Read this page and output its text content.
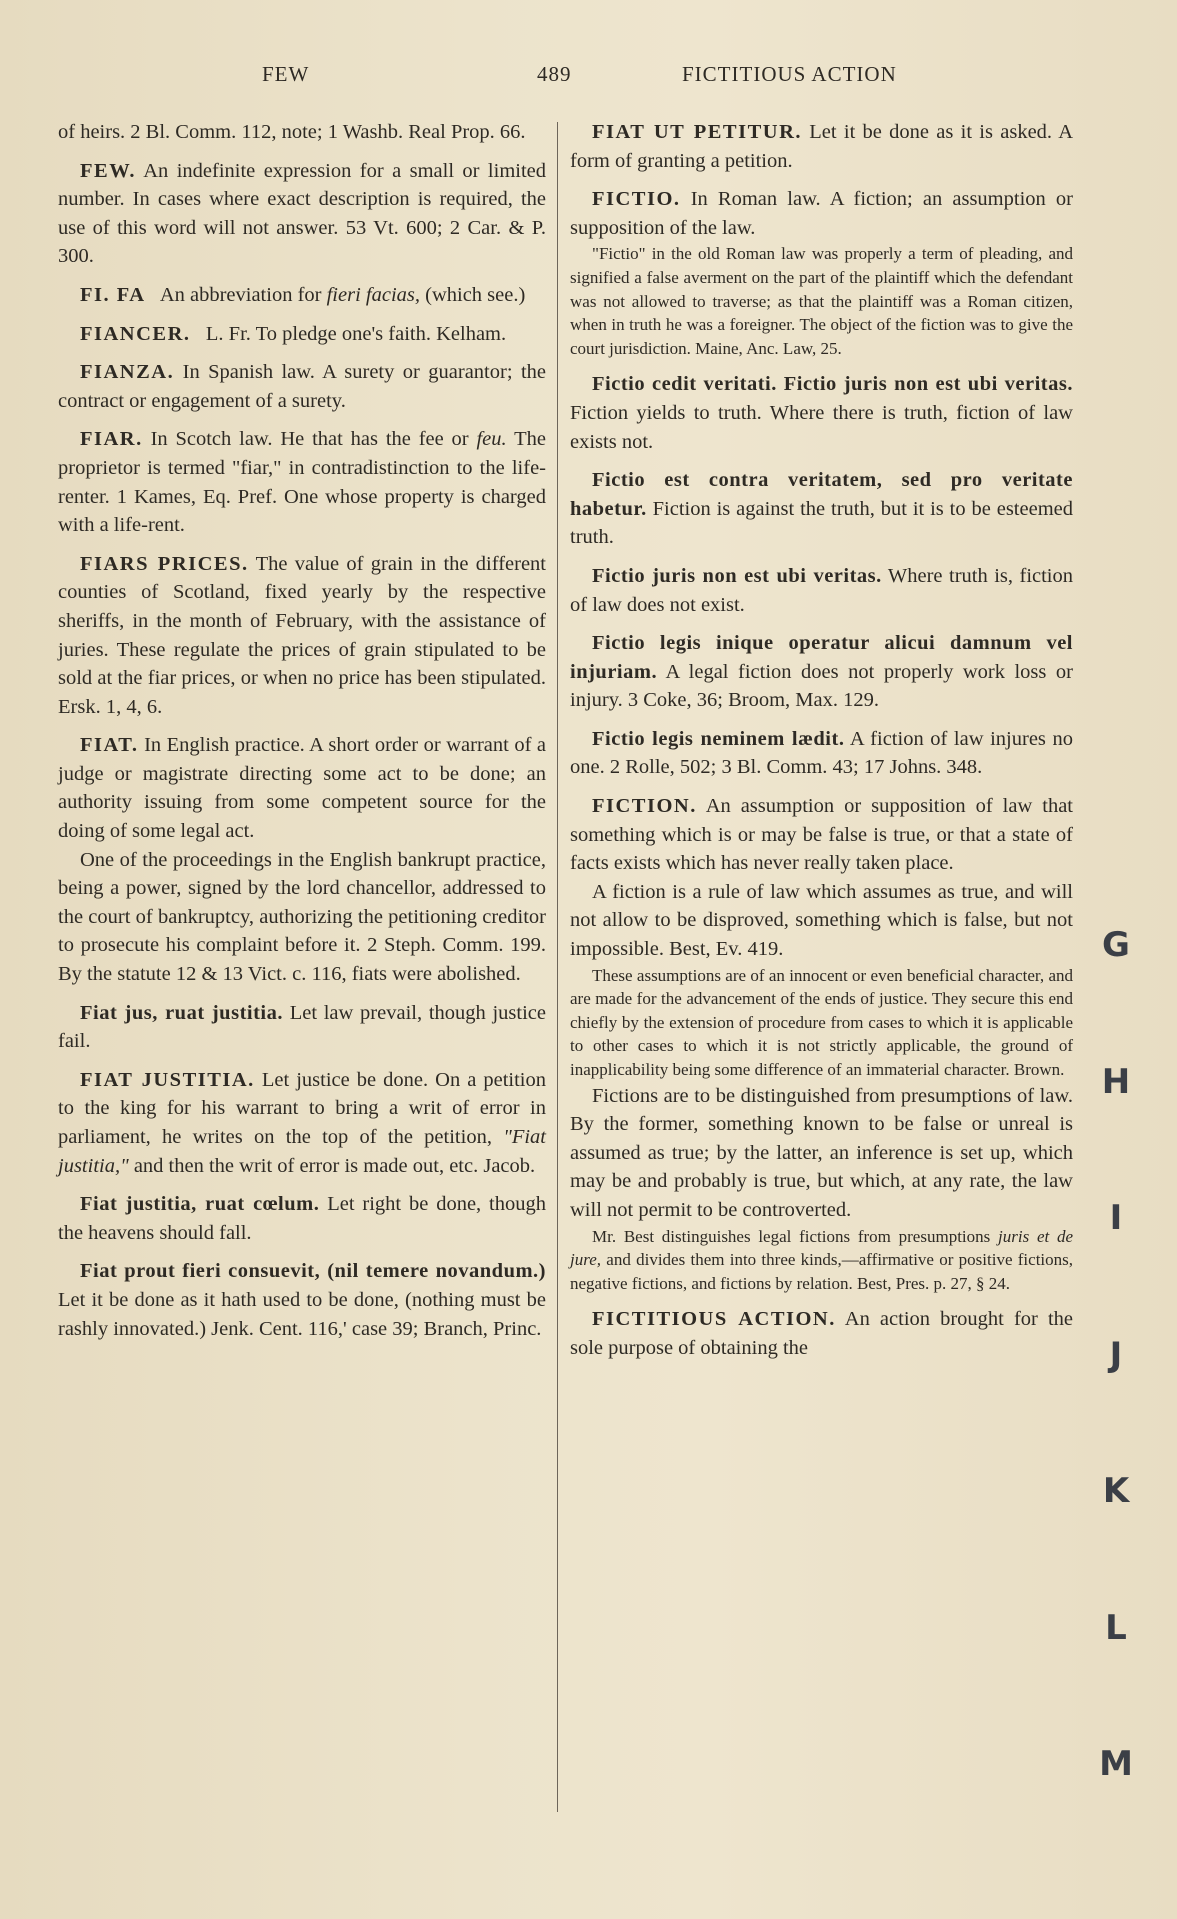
FEW	489	FICTITIOUS ACTION

of heirs. 2 Bl. Comm. 112, note; 1 Washb. Real Prop. 66.

FEW. An indefinite expression for a small or limited number. In cases where exact description is required, the use of this word will not answer. 53 Vt. 600; 2 Car. & P. 300.

FI. FA An abbreviation for fieri facias, (which see.)

FIANCER. L. Fr. To pledge one's faith. Kelham.

FIANZA. In Spanish law. A surety or guarantor; the contract or engagement of a surety.

FIAR. In Scotch law. He that has the fee or feu. The proprietor is termed "fiar," in contradistinction to the life-renter. 1 Kames, Eq. Pref. One whose property is charged with a life-rent.

FIARS PRICES. The value of grain in the different counties of Scotland, fixed yearly by the respective sheriffs, in the month of February, with the assistance of juries. These regulate the prices of grain stipulated to be sold at the fiar prices, or when no price has been stipulated. Ersk. 1, 4, 6.

FIAT. In English practice. A short order or warrant of a judge or magistrate directing some act to be done; an authority issuing from some competent source for the doing of some legal act.

One of the proceedings in the English bankrupt practice, being a power, signed by the lord chancellor, addressed to the court of bankruptcy, authorizing the petitioning creditor to prosecute his complaint before it. 2 Steph. Comm. 199. By the statute 12 & 13 Vict. c. 116, fiats were abolished.

Fiat jus, ruat justitia. Let law prevail, though justice fail.

FIAT JUSTITIA. Let justice be done. On a petition to the king for his warrant to bring a writ of error in parliament, he writes on the top of the petition, "Fiat justitia," and then the writ of error is made out, etc. Jacob.

Fiat justitia, ruat cœlum. Let right be done, though the heavens should fall.

Fiat prout fieri consuevit, (nil temere novandum.) Let it be done as it hath used to be done, (nothing must be rashly innovated.) Jenk. Cent. 116,' case 39; Branch, Princ.

FIAT UT PETITUR. Let it be done as it is asked. A form of granting a petition.

FICTIO. In Roman law. A fiction; an assumption or supposition of the law.

"Fictio" in the old Roman law was properly a term of pleading, and signified a false averment on the part of the plaintiff which the defendant was not allowed to traverse; as that the plaintiff was a Roman citizen, when in truth he was a foreigner. The object of the fiction was to give the court jurisdiction. Maine, Anc. Law, 25.

Fictio cedit veritati. Fictio juris non est ubi veritas. Fiction yields to truth. Where there is truth, fiction of law exists not.

Fictio est contra veritatem, sed pro veritate habetur. Fiction is against the truth, but it is to be esteemed truth.

Fictio juris non est ubi veritas. Where truth is, fiction of law does not exist.

Fictio legis inique operatur alicui damnum vel injuriam. A legal fiction does not properly work loss or injury. 3 Coke, 36; Broom, Max. 129.

Fictio legis neminem lædit. A fiction of law injures no one. 2 Rolle, 502; 3 Bl. Comm. 43; 17 Johns. 348.

FICTION. An assumption or supposition of law that something which is or may be false is true, or that a state of facts exists which has never really taken place.

A fiction is a rule of law which assumes as true, and will not allow to be disproved, something which is false, but not impossible. Best, Ev. 419.

These assumptions are of an innocent or even beneficial character, and are made for the advancement of the ends of justice. They secure this end chiefly by the extension of procedure from cases to which it is applicable to other cases to which it is not strictly applicable, the ground of inapplicability being some difference of an immaterial character. Brown.

Fictions are to be distinguished from presumptions of law. By the former, something known to be false or unreal is assumed as true; by the latter, an inference is set up, which may be and probably is true, but which, at any rate, the law will not permit to be controverted.

Mr. Best distinguishes legal fictions from presumptions juris et de jure, and divides them into three kinds,—affirmative or positive fictions, negative fictions, and fictions by relation. Best, Pres. p. 27, § 24.

FICTITIOUS ACTION. An action brought for the sole purpose of obtaining the

G
H
I
J
K
L
M
